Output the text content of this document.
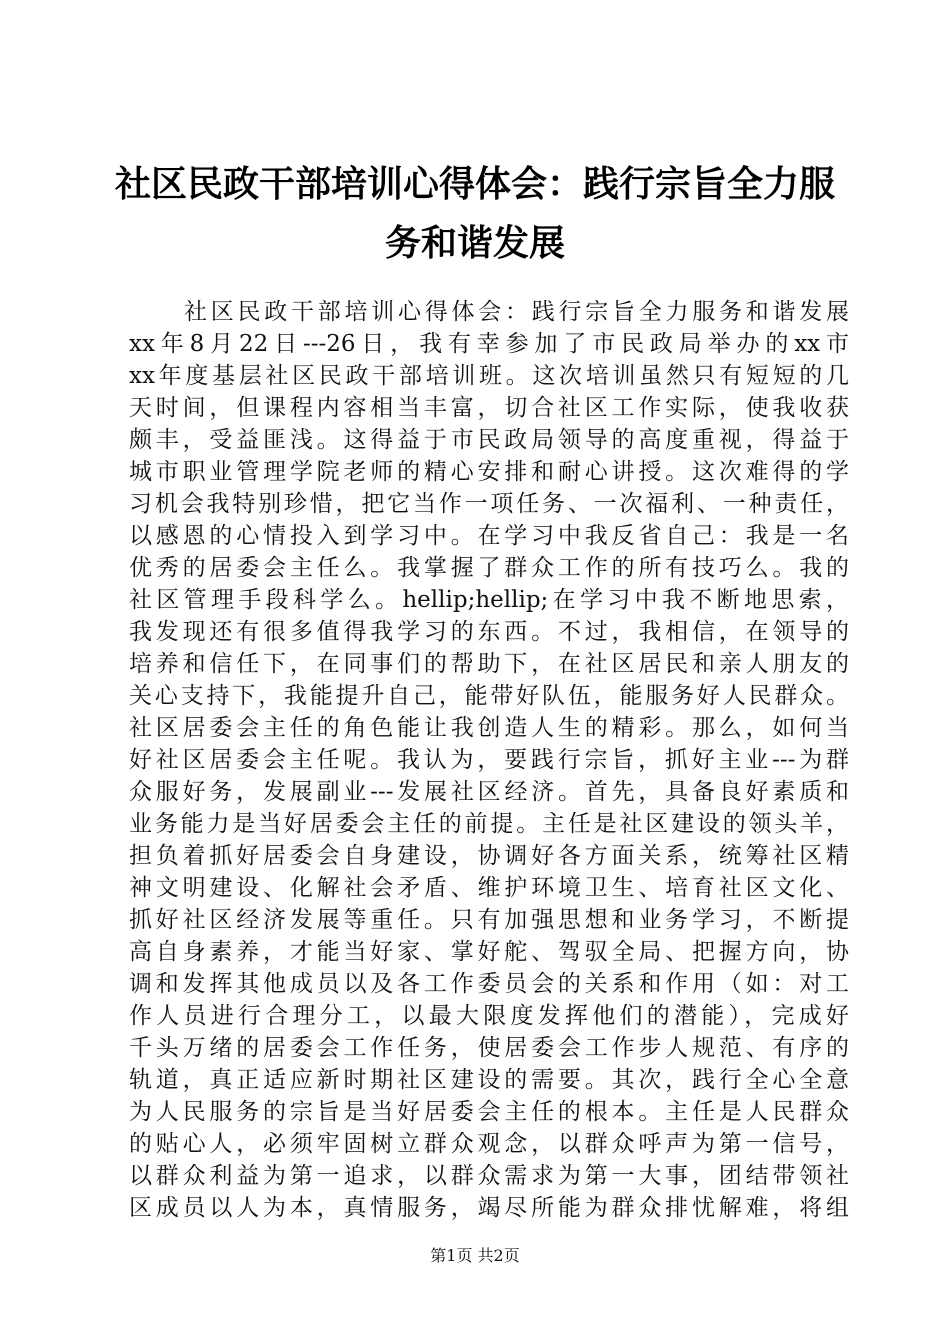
社区民政干部培训心得体会：践行宗旨全力服
务和谐发展
社区民政干部培训心得体会：践行宗旨全力服务和谐发展
xx年8月22日---26日，我有幸参加了市民政局举办的xx市
xx年度基层社区民政干部培训班。这次培训虽然只有短短的几
天时间，但课程内容相当丰富，切合社区工作实际，使我收获
颇丰，受益匪浅。这得益于市民政局领导的高度重视，得益于
城市职业管理学院老师的精心安排和耐心讲授。这次难得的学
习机会我特别珍惜，把它当作一项任务、一次福利、一种责任，
以感恩的心情投入到学习中。在学习中我反省自己：我是一名
优秀的居委会主任么。我掌握了群众工作的所有技巧么。我的
社区管理手段科学么。hellip;hellip;在学习中我不断地思索，
我发现还有很多值得我学习的东西。不过，我相信，在领导的
培养和信任下，在同事们的帮助下，在社区居民和亲人朋友的
关心支持下，我能提升自己，能带好队伍，能服务好人民群众。
社区居委会主任的角色能让我创造人生的精彩。那么，如何当
好社区居委会主任呢。我认为，要践行宗旨，抓好主业---为群
众服好务，发展副业---发展社区经济。首先，具备良好素质和
业务能力是当好居委会主任的前提。主任是社区建设的领头羊，
担负着抓好居委会自身建设，协调好各方面关系，统筹社区精
神文明建设、化解社会矛盾、维护环境卫生、培育社区文化、
抓好社区经济发展等重任。只有加强思想和业务学习，不断提
高自身素养，才能当好家、掌好舵、驾驭全局、把握方向，协
调和发挥其他成员以及各工作委员会的关系和作用（如：对工
作人员进行合理分工，以最大限度发挥他们的潜能），完成好
千头万绪的居委会工作任务，使居委会工作步人规范、有序的
轨道，真正适应新时期社区建设的需要。其次，践行全心全意
为人民服务的宗旨是当好居委会主任的根本。主任是人民群众
的贴心人，必须牢固树立群众观念，以群众呼声为第一信号，
以群众利益为第一追求，以群众需求为第一大事，团结带领社
区成员以人为本，真情服务，竭尽所能为群众排忧解难，将组
第1页 共2页
